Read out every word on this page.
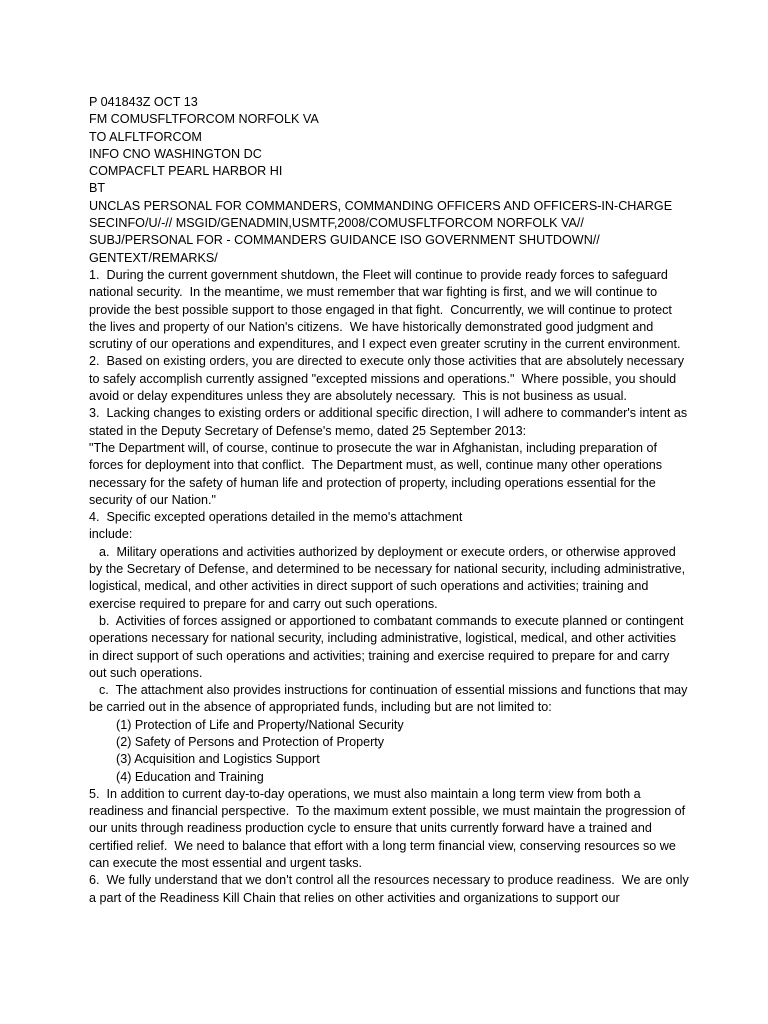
P 041843Z OCT 13

FM COMUSFLTFORCOM NORFOLK VA

TO ALFLTFORCOM

INFO CNO WASHINGTON DC

COMPACFLT PEARL HARBOR HI

BT

UNCLAS PERSONAL FOR COMMANDERS, COMMANDING OFFICERS AND OFFICERS-IN-CHARGE SECINFO/U/-// MSGID/GENADMIN,USMTF,2008/COMUSFLTFORCOM NORFOLK VA// SUBJ/PERSONAL FOR - COMMANDERS GUIDANCE ISO GOVERNMENT SHUTDOWN// GENTEXT/REMARKS/

1.  During the current government shutdown, the Fleet will continue to provide ready forces to safeguard national security.  In the meantime, we must remember that war fighting is first, and we will continue to provide the best possible support to those engaged in that fight.  Concurrently, we will continue to protect the lives and property of our Nation's citizens.  We have historically demonstrated good judgment and scrutiny of our operations and expenditures, and I expect even greater scrutiny in the current environment.

2.  Based on existing orders, you are directed to execute only those activities that are absolutely necessary to safely accomplish currently assigned "excepted missions and operations."  Where possible, you should avoid or delay expenditures unless they are absolutely necessary.  This is not business as usual.

3.  Lacking changes to existing orders or additional specific direction, I will adhere to commander's intent as stated in the Deputy Secretary of Defense's memo, dated 25 September 2013:

"The Department will, of course, continue to prosecute the war in Afghanistan, including preparation of forces for deployment into that conflict.  The Department must, as well, continue many other operations necessary for the safety of human life and protection of property, including operations essential for the security of our Nation."

4.  Specific excepted operations detailed in the memo's attachment

include:

a.  Military operations and activities authorized by deployment or execute orders, or otherwise approved by the Secretary of Defense, and determined to be necessary for national security, including administrative, logistical, medical, and other activities in direct support of such operations and activities; training and exercise required to prepare for and carry out such operations.

b.  Activities of forces assigned or apportioned to combatant commands to execute planned or contingent operations necessary for national security, including administrative, logistical, medical, and other activities in direct support of such operations and activities; training and exercise required to prepare for and carry out such operations.

c.  The attachment also provides instructions for continuation of essential missions and functions that may be carried out in the absence of appropriated funds, including but are not limited to:

(1) Protection of Life and Property/National Security

(2) Safety of Persons and Protection of Property

(3) Acquisition and Logistics Support

(4) Education and Training

5.  In addition to current day-to-day operations, we must also maintain a long term view from both a readiness and financial perspective.  To the maximum extent possible, we must maintain the progression of our units through readiness production cycle to ensure that units currently forward have a trained and certified relief.  We need to balance that effort with a long term financial view, conserving resources so we can execute the most essential and urgent tasks.

6.  We fully understand that we don't control all the resources necessary to produce readiness.  We are only a part of the Readiness Kill Chain that relies on other activities and organizations to support our
